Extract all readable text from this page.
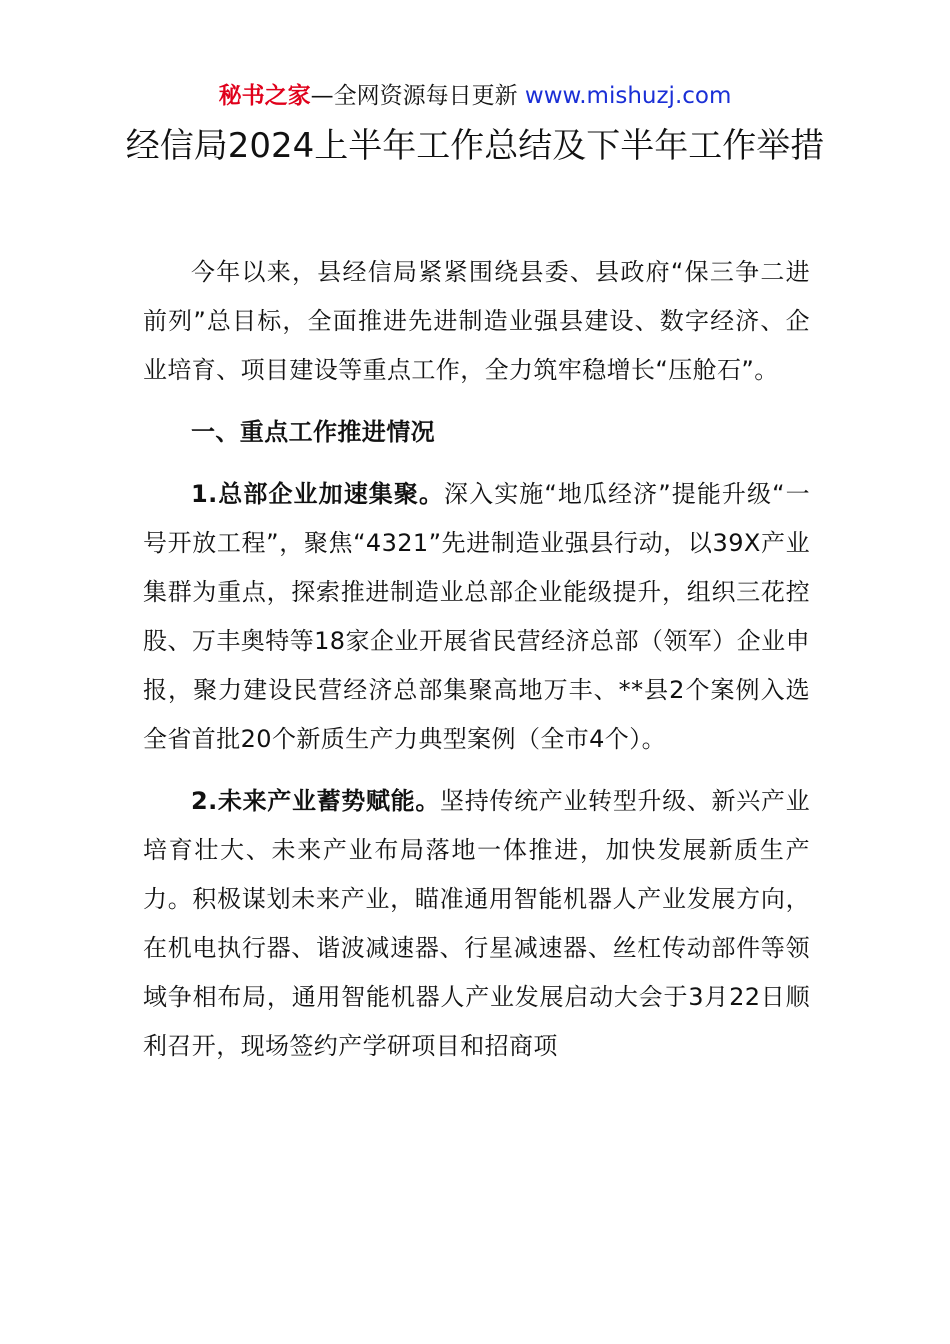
秘书之家—全网资源每日更新 www.mishuzj.com
经信局2024上半年工作总结及下半年工作举措

今年以来，县经信局紧紧围绕县委、县政府“保三争二进前列”总目标，全面推进先进制造业强县建设、数字经济、企业培育、项目建设等重点工作，全力筑牢稳增长“压舱石”。

一、重点工作推进情况

1.总部企业加速集聚。深入实施“地瓜经济”提能升级“一号开放工程”，聚焦“4321”先进制造业强县行动，以39X产业集群为重点，探索推进制造业总部企业能级提升，组织三花控股、万丰奥特等18家企业开展省民营经济总部（领军）企业申报，聚力建设民营经济总部集聚高地万丰、**县2个案例入选全省首批20个新质生产力典型案例（全市4个）。

2.未来产业蓄势赋能。坚持传统产业转型升级、新兴产业培育壮大、未来产业布局落地一体推进，加快发展新质生产力。积极谋划未来产业，瞄准通用智能机器人产业发展方向，在机电执行器、谐波减速器、行星减速器、丝杠传动部件等领域争相布局，通用智能机器人产业发展启动大会于3月22日顺利召开，现场签约产学研项目和招商项
